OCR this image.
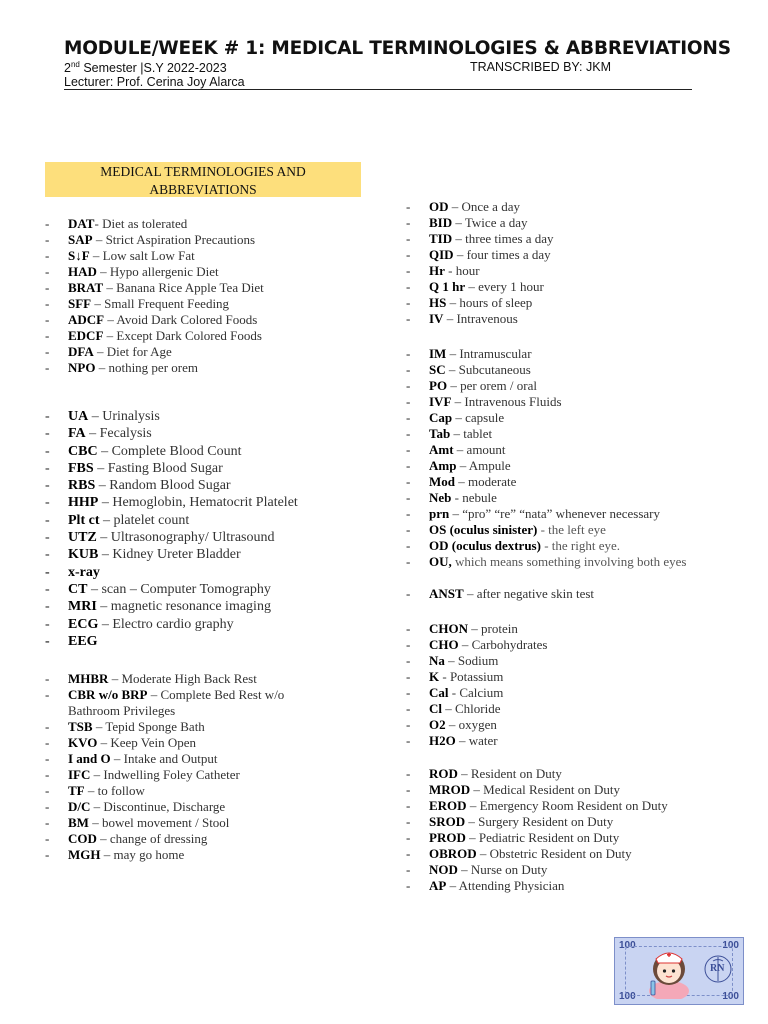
MODULE/WEEK # 1: MEDICAL TERMINOLOGIES & ABBREVIATIONS
2nd Semester |S.Y 2022-2023	TRANSCRIBED BY: JKM
Lecturer: Prof. Cerina Joy Alarca
MEDICAL TERMINOLOGIES AND
ABBREVIATIONS
- DAT- Diet as tolerated
- SAP – Strict Aspiration Precautions
- S↓F – Low salt Low Fat
- HAD – Hypo allergenic Diet
- BRAT – Banana Rice Apple Tea Diet
- SFF – Small Frequent Feeding
- ADCF – Avoid Dark Colored Foods
- EDCF – Except Dark Colored Foods
- DFA – Diet for Age
- NPO – nothing per orem
- UA – Urinalysis
- FA – Fecalysis
- CBC – Complete Blood Count
- FBS – Fasting Blood Sugar
- RBS – Random Blood Sugar
- HHP – Hemoglobin, Hematocrit Platelet
- Plt ct – platelet count
- UTZ – Ultrasonography/ Ultrasound
- KUB – Kidney Ureter Bladder
- x-ray
- CT – scan – Computer Tomography
- MRI – magnetic resonance imaging
- ECG – Electro cardio graphy
- EEG
- MHBR – Moderate High Back Rest
- CBR w/o BRP – Complete Bed Rest w/o Bathroom Privileges
- TSB – Tepid Sponge Bath
- KVO – Keep Vein Open
- I and O – Intake and Output
- IFC – Indwelling Foley Catheter
- TF – to follow
- D/C – Discontinue, Discharge
- BM – bowel movement / Stool
- COD – change of dressing
- MGH – may go home
- OD – Once a day
- BID – Twice a day
- TID – three times a day
- QID – four times a day
- Hr - hour
- Q 1 hr – every 1 hour
- HS – hours of sleep
- IV – Intravenous
- IM – Intramuscular
- SC – Subcutaneous
- PO – per orem / oral
- IVF – Intravenous Fluids
- Cap – capsule
- Tab – tablet
- Amt – amount
- Amp – Ampule
- Mod – moderate
- Neb - nebule
- prn – “pro” “re” “nata” whenever necessary
- OS (oculus sinister) - the left eye
- OD (oculus dextrus) - the right eye.
- OU, which means something involving both eyes
- ANST – after negative skin test
- CHON – protein
- CHO – Carbohydrates
- Na – Sodium
- K - Potassium
- Cal - Calcium
- Cl – Chloride
- O2 – oxygen
- H2O – water
- ROD – Resident on Duty
- MROD – Medical Resident on Duty
- EROD – Emergency Room Resident on Duty
- SROD – Surgery Resident on Duty
- PROD – Pediatric Resident on Duty
- OBROD – Obstetric Resident on Duty
- NOD – Nurse on Duty
- AP – Attending Physician
100	100
100	100
RN
